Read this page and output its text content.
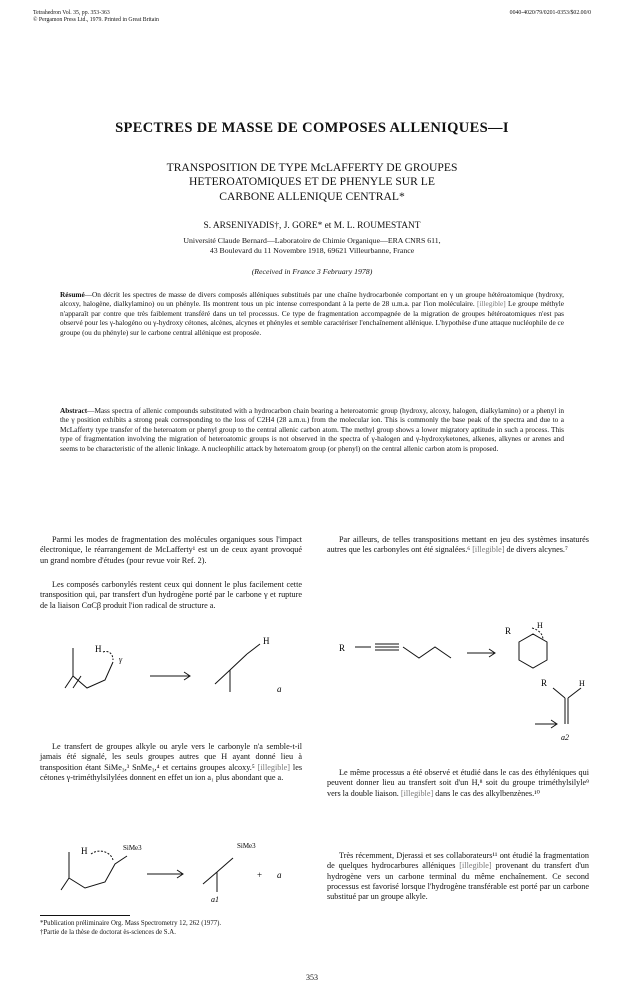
Tetrahedron Vol. 35, pp. 353-363
© Pergamon Press Ltd., 1979. Printed in Great Britain
0040-4020/79/0201-0353/$02.00/0
SPECTRES DE MASSE DE COMPOSES ALLENIQUES—I
TRANSPOSITION DE TYPE McLAFFERTY DE GROUPES
HETEROATOMIQUES ET DE PHENYLE SUR LE
CARBONE ALLENIQUE CENTRAL*
S. ARSENIYADIS†, J. GORE* et M. L. ROUMESTANT
Université Claude Bernard—Laboratoire de Chimie Organique—ERA CNRS 611,
43 Boulevard du 11 Novembre 1918, 69621 Villeurbanne, France
(Received in France 3 February 1978)
Résumé—On décrit les spectres de masse de divers composés alléniques substitués par une chaîne hydrocarbonée comportant en γ un groupe hétéroatomique (hydroxy, alcoxy, halogène, dialkylamino) ou un phényle. Ils montrent tous un pic intense correspondant à la perte de 28 u.m.a. par l'ion moléculaire. [illegible] Le groupe méthyle n'apparaît par contre que très faiblement transféré dans un tel processus. Ce type de fragmentation accompagnée de la migration de groupes hétéroatomiques n'est pas observé pour les γ-halogéno ou γ-hydroxy cétones, alcènes, alcynes et phényles et semble caractériser l'enchaînement allénique. L'hypothèse d'une attaque nucléophile de ce groupe (ou du phényle) sur le carbone central allénique est proposée.
Abstract—Mass spectra of allenic compounds substituted with a hydrocarbon chain bearing a heteroatomic group (hydroxy, alcoxy, halogen, dialkylamino) or a phenyl in the γ position exhibits a strong peak corresponding to the loss of C2H4 (28 a.m.u.) from the molecular ion. This is commonly the base peak of the spectra and due to a McLafferty type transfer of the heteroatom or phenyl group to the central allenic carbon atom. The methyl group shows a lower migratory aptitude in such a process. This type of fragmentation involving the migration of heteroatomic groups is not observed in the spectra of γ-halogen and γ-hydroxyketones, alkenes, alkynes or arenes and seems to be characteristic of the allenic linkage. A nucleophilic attack by heteroatom group (or phenyl) on the central allenic carbon atom is proposed.

Parmi les modes de fragmentation des molécules organiques sous l'impact électronique, le réarrangement de McLafferty¹ est un de ceux ayant provoqué un grand nombre d'études (pour revue voir Ref. 2).

Les composés carbonylés restent ceux qui donnent le plus facilement cette transposition qui, par transfert d'un hydrogène porté par le carbone γ et rupture de la liaison CαCβ produit l'ion radical de structure a.

H
γ
H
a

Le transfert de groupes alkyle ou aryle vers le carbonyle n'a semble-t-il jamais été signalé, les seuls groupes autres que H ayant donné lieu à transposition étant SiMe₃,³ SnMe₃,⁴ et certains groupes alcoxy.⁵ [illegible] les cétones γ-triméthylsilylées donnent en effet un ion a₁ plus abondant que a.

H	SiMe3	SiMe3
+ a
a1

Par ailleurs, de telles transpositions mettant en jeu des systèmes insaturés autres que les carbonyles ont été signalées.⁶ [illegible] de divers alcynes.⁷

R
R
H
R	H
a2

Le même processus a été observé et étudié dans le cas des éthyléniques qui peuvent donner lieu au transfert soit d'un H,⁸ soit du groupe triméthylsilyle⁹ vers la double liaison. [illegible] dans le cas des alkylbenzènes.¹⁰

Très récemment, Djerassi et ses collaborateurs¹¹ ont étudié la fragmentation de quelques hydrocarbures alléniques [illegible] provenant du transfert d'un hydrogène vers un carbone terminal du même enchaînement. Ce second processus est favorisé lorsque l'hydrogène transférable est porté par un carbone substitué par un groupe alkyle.

*Publication préliminaire Org. Mass Spectrometry 12, 262 (1977).
†Partie de la thèse de doctorat ès-sciences de S.A.
353
